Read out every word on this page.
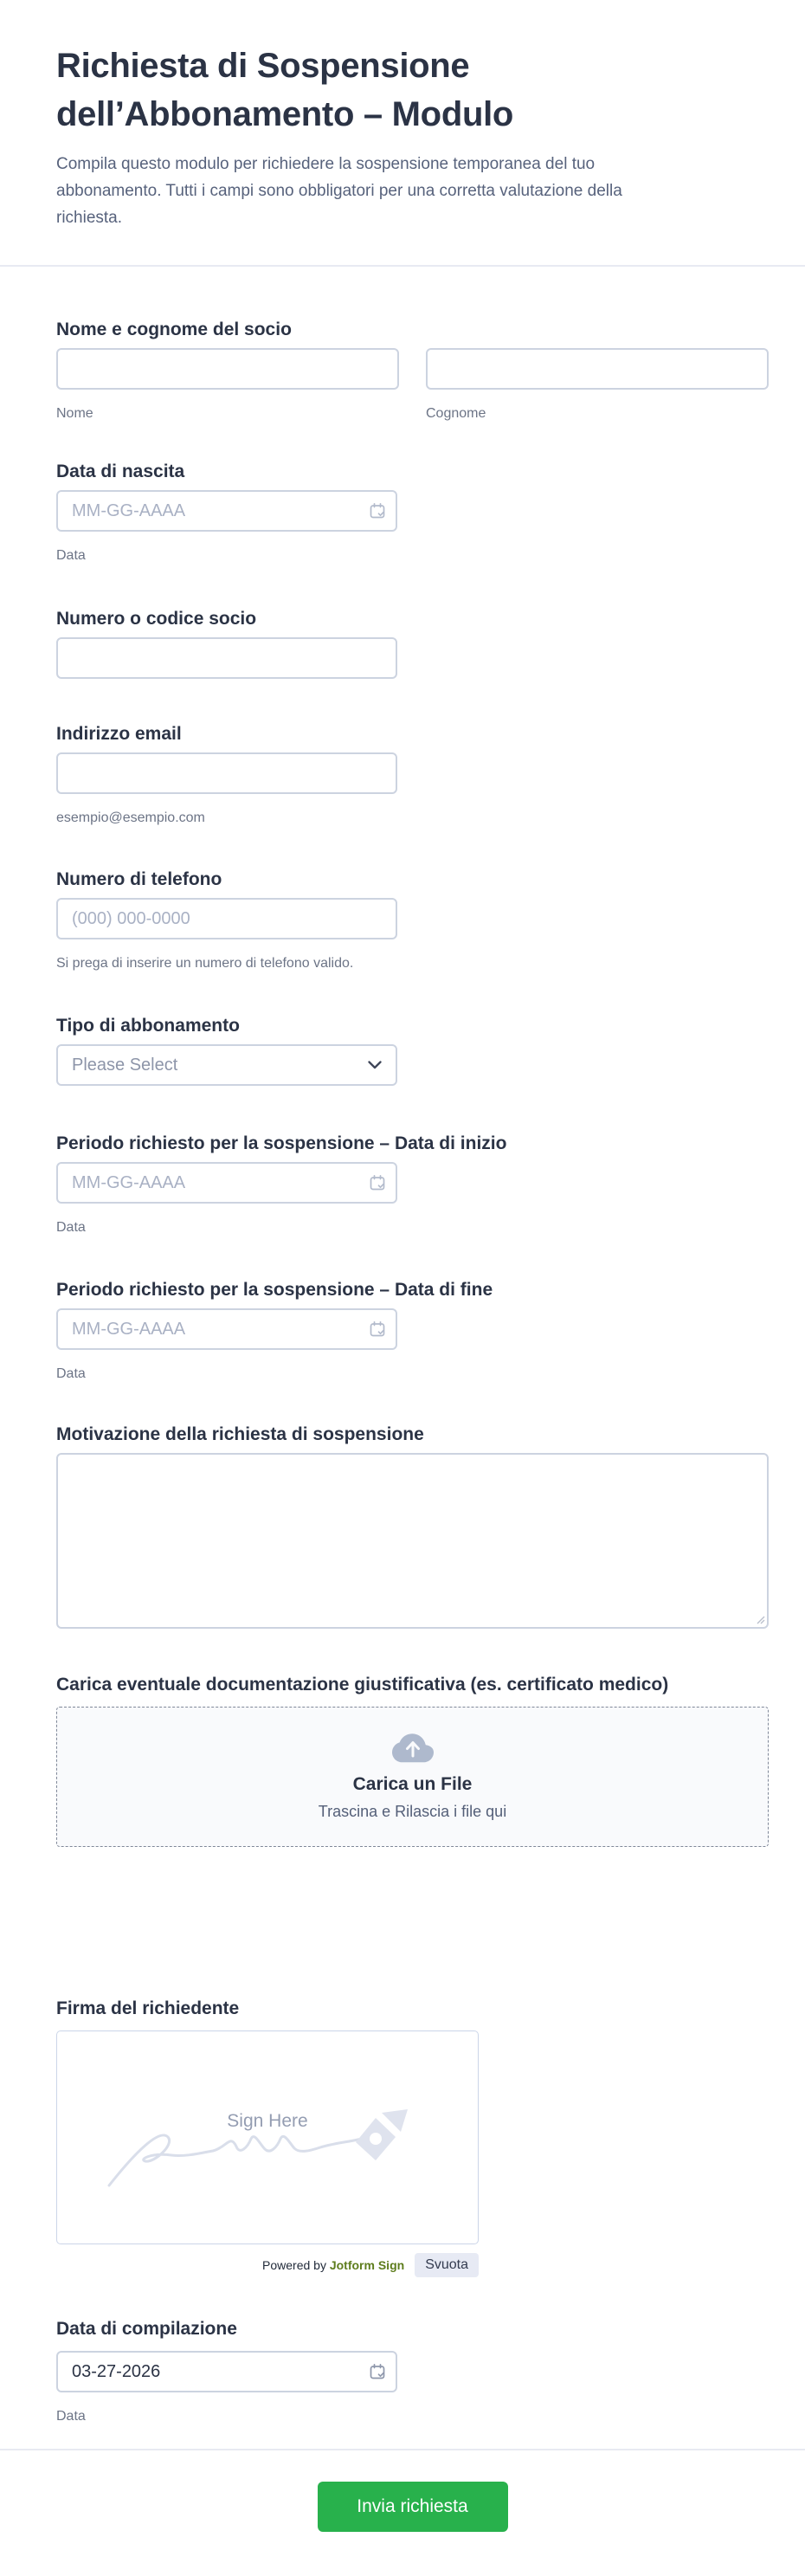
Richiesta di Sospensione dell’Abbonamento – Modulo
Compila questo modulo per richiedere la sospensione temporanea del tuo
abbonamento. Tutti i campi sono obbligatori per una corretta valutazione della
richiesta.
Nome e cognome del socio
Nome	Cognome
Data di nascita
MM-GG-AAAA
Data
Numero o codice socio
Indirizzo email
esempio@esempio.com
Numero di telefono
(000) 000-0000
Si prega di inserire un numero di telefono valido.
Tipo di abbonamento
Please Select
Periodo richiesto per la sospensione – Data di inizio
MM-GG-AAAA
Data
Periodo richiesto per la sospensione – Data di fine
MM-GG-AAAA
Data
Motivazione della richiesta di sospensione
Carica eventuale documentazione giustificativa (es. certificato medico)
Carica un File
Trascina e Rilascia i file qui
Firma del richiedente
Sign Here
Powered by Jotform Sign	Svuota
Data di compilazione
03-27-2026
Data
Invia richiesta
